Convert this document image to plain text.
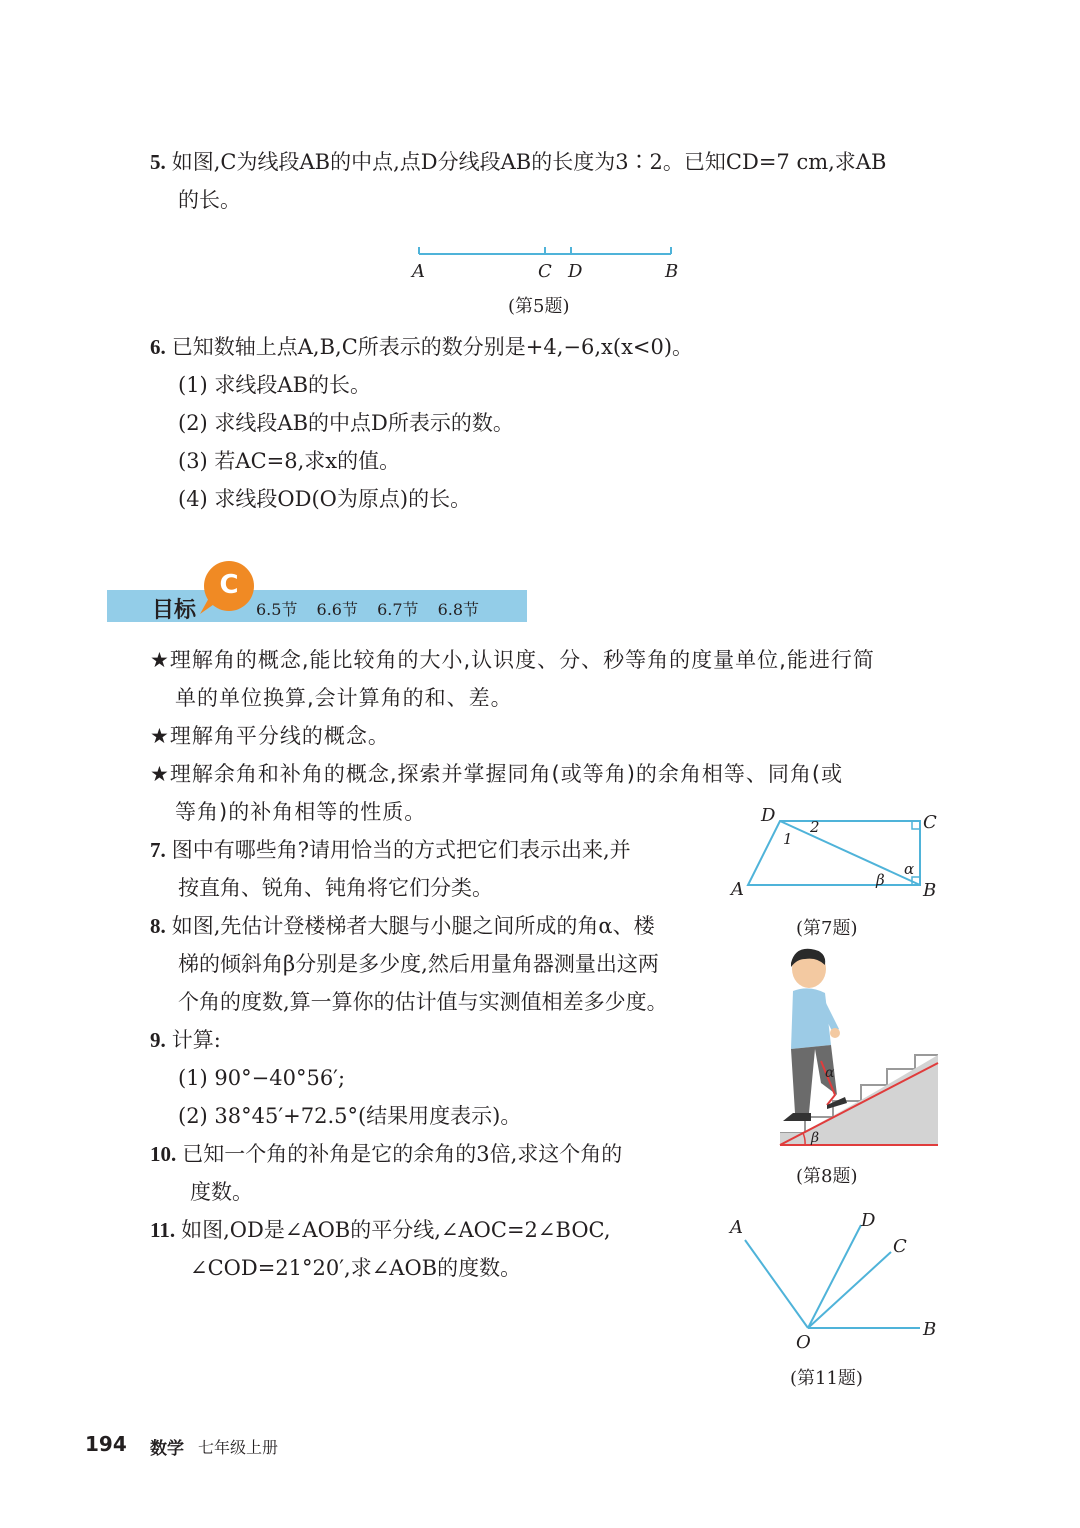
5. 如图,C为线段AB的中点,点D分线段AB的长度为3∶2。已知CD=7 cm,求AB
的长。
A	C D	B
(第5题)
6. 已知数轴上点A,B,C所表示的数分别是+4,−6,x(x<0)。
(1) 求线段AB的长。
(2) 求线段AB的中点D所表示的数。
(3) 若AC=8,求x的值。
(4) 求线段OD(O为原点)的长。
目标
C
6.5节 6.6节 6.7节 6.8节
★理解角的概念,能比较角的大小,认识度、分、秒等角的度量单位,能进行简
单的单位换算,会计算角的和、差。
★理解角平分线的概念。
★理解余角和补角的概念,探索并掌握同角(或等角)的余角相等、同角(或
等角)的补角相等的性质。
7. 图中有哪些角?请用恰当的方式把它们表示出来,并
按直角、锐角、钝角将它们分类。
D	C
A	B
1
2
α
β
(第7题)
8. 如图,先估计登楼梯者大腿与小腿之间所成的角α、楼
梯的倾斜角β分别是多少度,然后用量角器测量出这两
个角的度数,算一算你的估计值与实测值相差多少度。
β
α
(第8题)
9. 计算:
(1) 90°−40°56′;
(2) 38°45′+72.5°(结果用度表示)。
10. 已知一个角的补角是它的余角的3倍,求这个角的
度数。
11. 如图,OD是∠AOB的平分线,∠AOC=2∠BOC,
∠COD=21°20′,求∠AOB的度数。
A	D
C
B
O
(第11题)
194 数学 七年级上册
